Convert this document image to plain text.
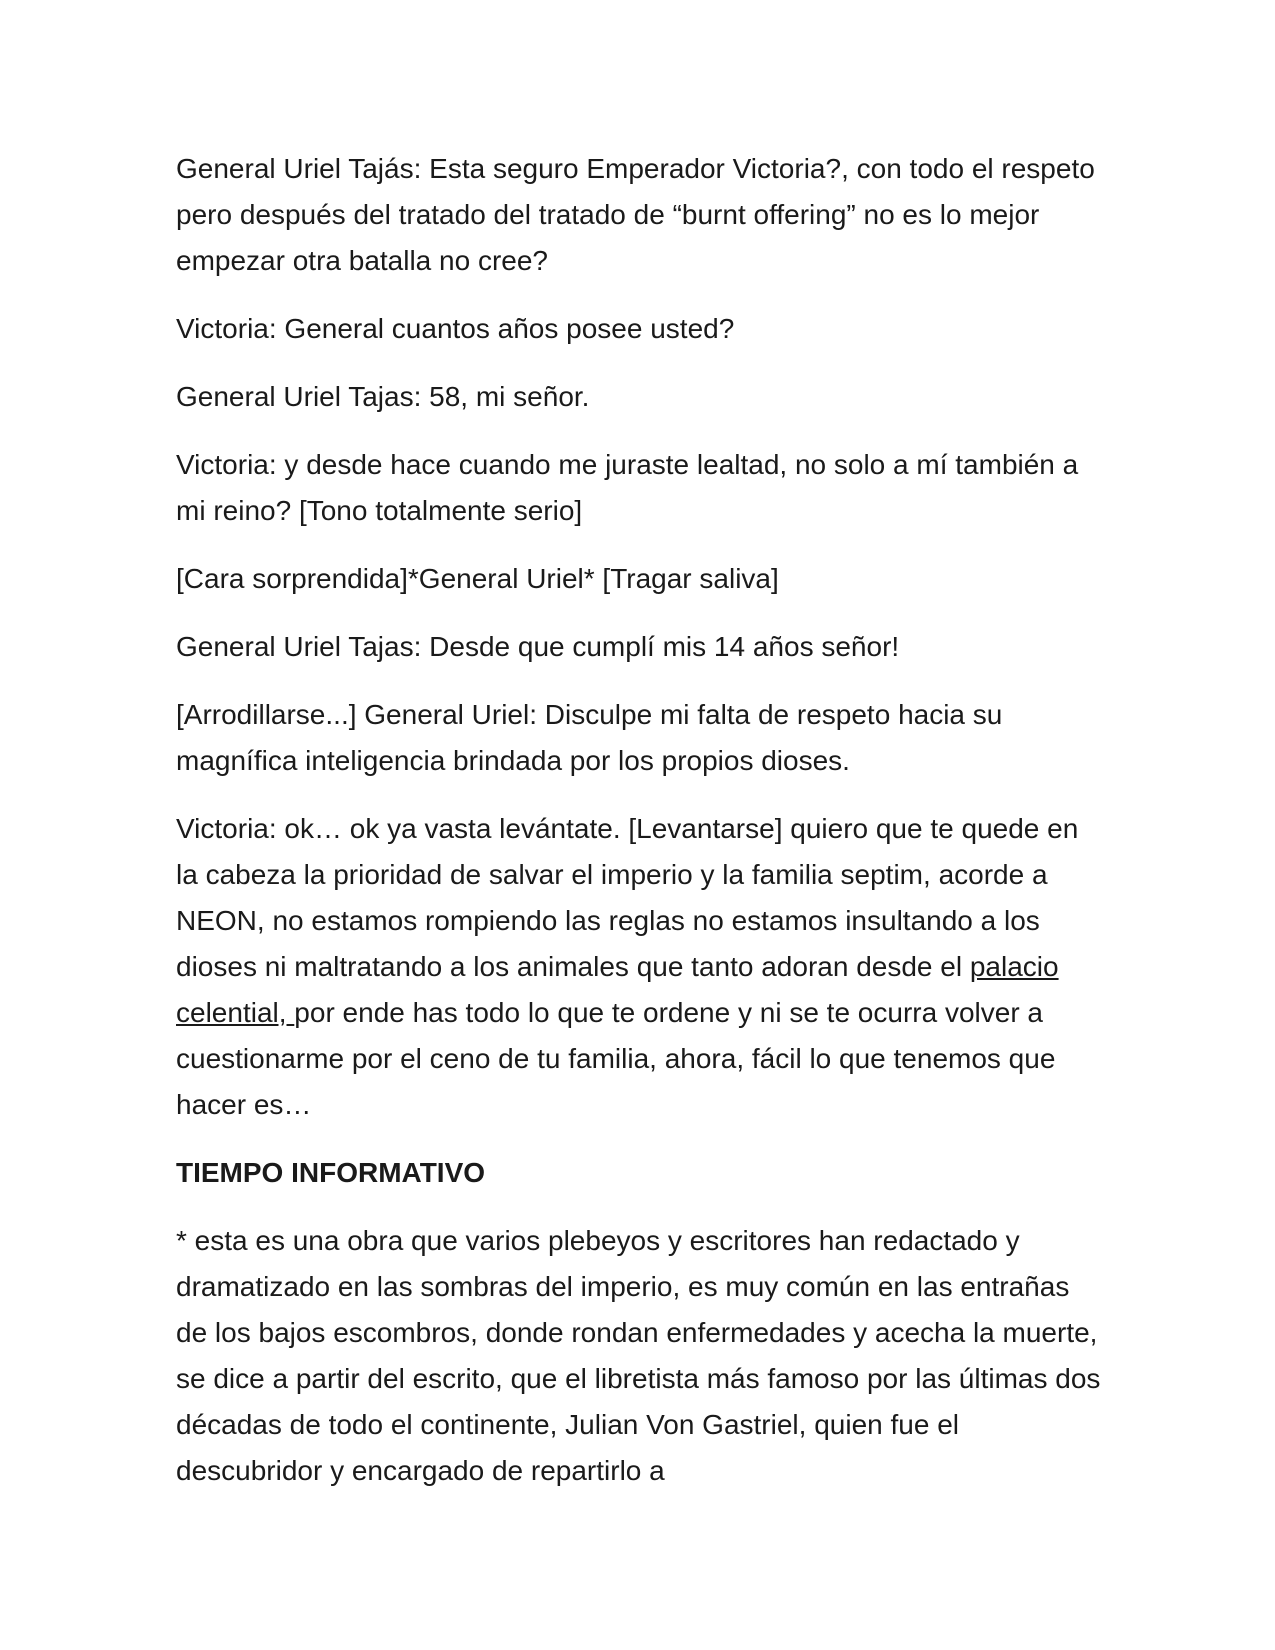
General Uriel Tajás: Esta seguro Emperador Victoria?, con todo el respeto pero después del tratado del tratado de “burnt offering” no es lo mejor empezar otra batalla no cree?

Victoria: General cuantos años posee usted?

General Uriel Tajas: 58, mi señor.

Victoria: y desde hace cuando me juraste lealtad, no solo a mí también a mi reino? [Tono totalmente serio]

[Cara sorprendida]*General Uriel* [Tragar saliva]

General Uriel Tajas: Desde que cumplí mis 14 años señor!

[Arrodillarse...] General Uriel: Disculpe mi falta de respeto hacia su magnífica inteligencia brindada por los propios dioses.

Victoria: ok… ok ya vasta levántate. [Levantarse] quiero que te quede en la cabeza la prioridad de salvar el imperio y la familia septim, acorde a NEON, no estamos rompiendo las reglas no estamos insultando a los dioses ni maltratando a los animales que tanto adoran desde el palacio celential, por ende has todo lo que te ordene y ni se te ocurra volver a cuestionarme por el ceno de tu familia, ahora, fácil lo que tenemos que hacer es…

TIEMPO INFORMATIVO

* esta es una obra que varios plebeyos y escritores han redactado y dramatizado en las sombras del imperio, es muy común en las entrañas de los bajos escombros, donde rondan enfermedades y acecha la muerte, se dice a partir del escrito, que el libretista más famoso por las últimas dos décadas de todo el continente, Julian Von Gastriel, quien fue el descubridor y encargado de repartirlo a
